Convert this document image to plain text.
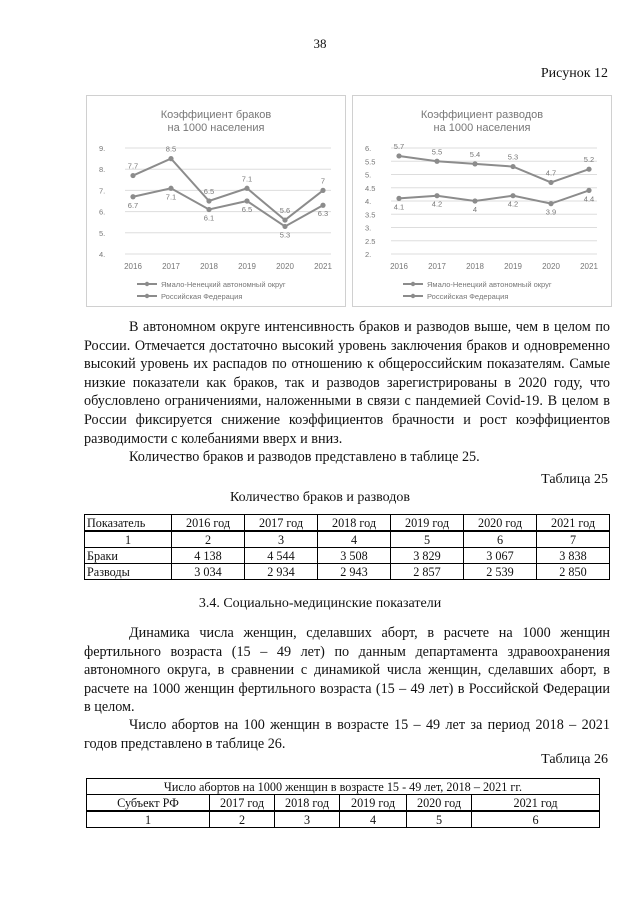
38
Рисунок 12
Коэффициент браков
на 1000 населения
9.
8.
7.
6.
5.
4.
2016	2017	2018	2019	2020	2021
7.7
8.5
6.5
7.1
5.6
7
6.7
7.1
6.1
6.5
5.3
6.3
Ямало-Ненецкий автономный округ
Российская Федерация
Коэффициент разводов
на 1000 населения
6.
5.5
5.
4.5
4.
3.5
3.
2.5
2.
2016	2017	2018	2019	2020	2021
5.7
5.5	5.4	5.3
4.7
5.2
4.1	4.2
4
4.2
3.9
4.4
Ямало-Ненецкий автономный округ
Российская Федерация

В автономном округе интенсивность браков и разводов выше, чем в целом по России. Отмечается достаточно высокий уровень заключения браков и одновременно высокий уровень их распадов по отношению к общероссийским показателям. Самые низкие показатели как браков, так и разводов зарегистрированы в 2020 году, что обусловлено ограничениями, наложенными в связи с пандемией Covid-19. В целом в России фиксируется снижение коэффициентов брачности и рост коэффициентов разводимости с колебаниями вверх и вниз.

Количество браков и разводов представлено в таблице 25.

Таблица 25
Количество браков и разводов
Показатель	2016 год	2017 год	2018 год	2019 год	2020 год	2021 год
1	2	3	4	5	6	7
Браки	4 138	4 544	3 508	3 829	3 067	3 838
Разводы	3 034	2 934	2 943	2 857	2 539	2 850
3.4. Социально-медицинские показатели

Динамика числа женщин, сделавших аборт, в расчете на 1000 женщин фертильного возраста (15 – 49 лет) по данным департамента здравоохранения автономного округа, в сравнении с динамикой числа женщин, сделавших аборт, в расчете на 1000 женщин фертильного возраста (15 – 49 лет) в Российской Федерации в целом.

Число абортов на 100 женщин в возрасте 15 – 49 лет за период 2018 – 2021 годов представлено в таблице 26.

Таблица 26
Число абортов на 1000 женщин в возрасте 15 - 49 лет, 2018 – 2021 гг.					
Субъект РФ	2017 год	2018 год	2019 год	2020 год	2021 год
1	2	3	4	5	6
